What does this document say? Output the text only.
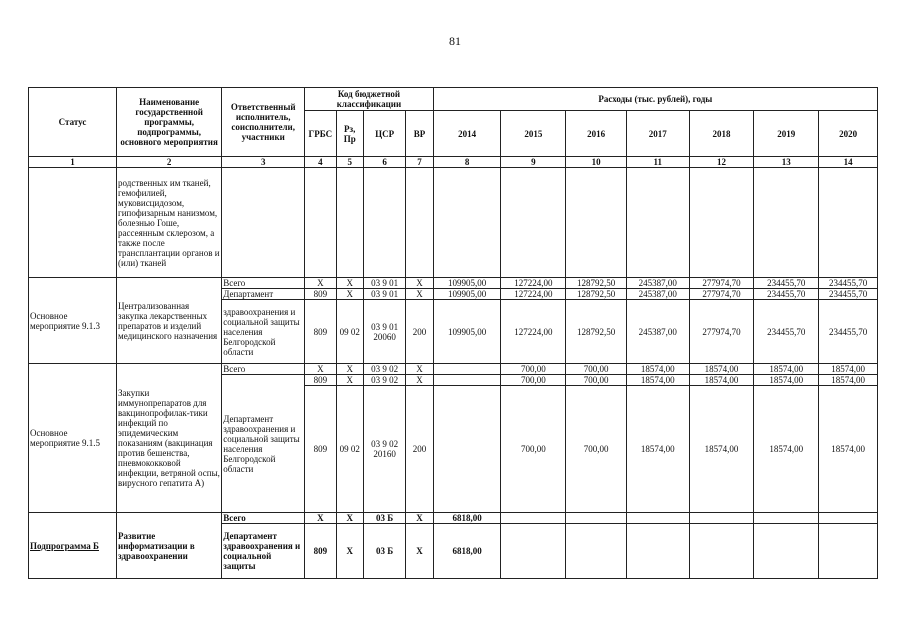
81
Статус	Наименование государственной программы, подпрограммы, основного мероприятия	Ответственный исполнитель, соисполнители, участники	Код бюджетной классификации				Расходы (тыс. рублей), годы						
			ГРБС	Рз, Пр	ЦСР	ВР	2014	2015	2016	2017	2018	2019	2020
1	2	3	4	5	6	7	8	9	10	11	12	13	14
	родственных им тканей, гемофилией, муковисцидозом, гипофизарным нанизмом, болезнью Гоше, рассеянным склерозом, а также после трансплантации органов и (или) тканей												
Основное мероприятие 9.1.3	Централизованная закупка лекарственных препаратов и изделий медицинского назначения	Всего	Х	Х	03 9 01	Х	109905,00	127224,00	128792,50	245387,00	277974,70	234455,70	234455,70
		Департамент	809	Х	03 9 01	Х	109905,00	127224,00	128792,50	245387,00	277974,70	234455,70	234455,70
		здравоохранения и социальной защиты населения Белгородской области	809	09 02	03 9 01 20060	200	109905,00	127224,00	128792,50	245387,00	277974,70	234455,70	234455,70
Основное мероприятие 9.1.5	Закупки иммунопрепаратов для вакцинопрофилак-тики инфекций по эпидемическим показаниям (вакцинация против бешенства, пневмококковой инфекции, ветряной оспы, вирусного гепатита А)	Всего	Х	Х	03 9 02	Х		700,00	700,00	18574,00	18574,00	18574,00	18574,00
		Департамент здравоохранения и социальной защиты населения Белгородской области	809	Х	03 9 02	Х		700,00	700,00	18574,00	18574,00	18574,00	18574,00
			809	09 02	03 9 02 20160	200		700,00	700,00	18574,00	18574,00	18574,00	18574,00
Подпрограмма Б	Развитие информатизации в здравоохранении	Всего	Х	Х	03 Б	Х	6818,00						
		Департамент здравоохранения и социальной защиты	809	Х	03 Б	Х	6818,00						
